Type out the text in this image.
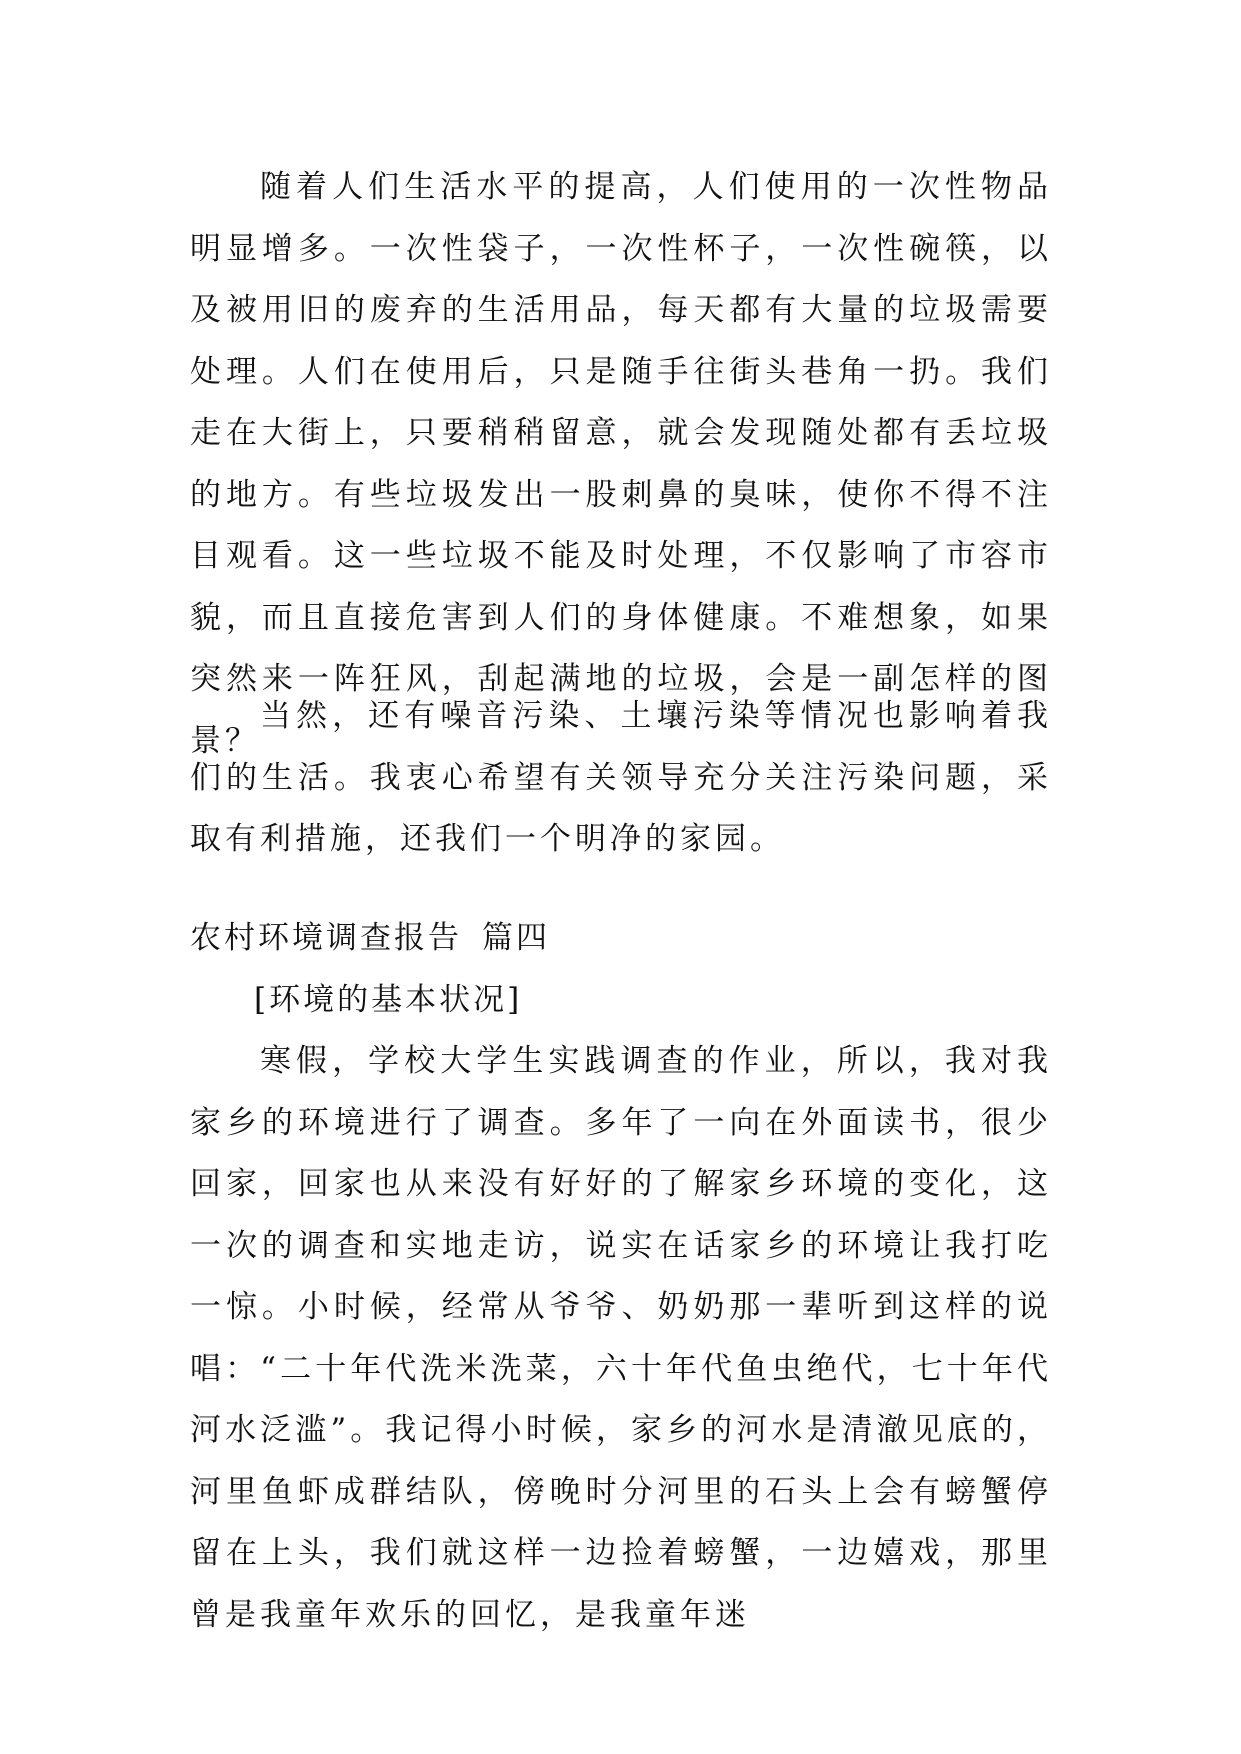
随着人们生活水平的提高，人们使用的一次性物品明显增多。一次性袋子，一次性杯子，一次性碗筷，以及被用旧的废弃的生活用品，每天都有大量的垃圾需要处理。人们在使用后，只是随手往街头巷角一扔。我们走在大街上，只要稍稍留意，就会发现随处都有丢垃圾的地方。有些垃圾发出一股刺鼻的臭味，使你不得不注目观看。这一些垃圾不能及时处理，不仅影响了市容市貌，而且直接危害到人们的身体健康。不难想象，如果突然来一阵狂风，刮起满地的垃圾，会是一副怎样的图景？

当然，还有噪音污染、土壤污染等情况也影响着我们的生活。我衷心希望有关领导充分关注污染问题，采取有利措施，还我们一个明净的家园。

农村环境调查报告 篇四
[环境的基本状况]

寒假，学校大学生实践调查的作业，所以，我对我家乡的环境进行了调查。多年了一向在外面读书，很少回家，回家也从来没有好好的了解家乡环境的变化，这一次的调查和实地走访，说实在话家乡的环境让我打吃一惊。小时候，经常从爷爷、奶奶那一辈听到这样的说唱：“二十年代洗米洗菜，六十年代鱼虫绝代，七十年代河水泛滥”。我记得小时候，家乡的河水是清澈见底的，河里鱼虾成群结队，傍晚时分河里的石头上会有螃蟹停留在上头，我们就这样一边捡着螃蟹，一边嬉戏，那里曾是我童年欢乐的回忆，是我童年迷
